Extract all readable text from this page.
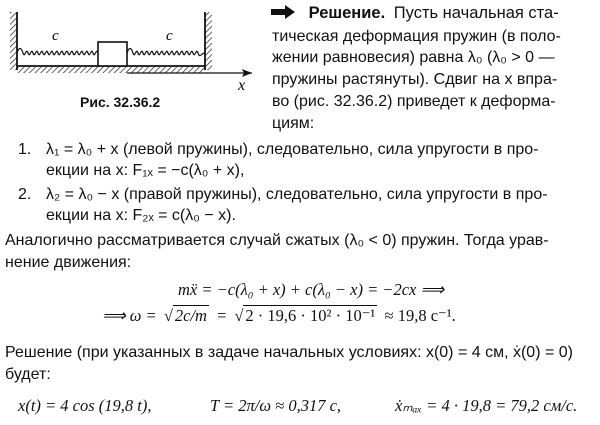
c	c
x
Рис. 32.36.2
Решение. Пусть начальная ста-
тическая деформация пружин (в поло-
жении равновесия) равна λ₀ (λ₀ > 0 —
пружины растянуты). Сдвиг на x впра-
во (рис. 32.36.2) приведет к деформа-
циям:
1. λ₁ = λ₀ + x (левой пружины), следовательно, сила упругости в про-
екции на x: F₁ₓ = −c(λ₀ + x),
2. λ₂ = λ₀ − x (правой пружины), следовательно, сила упругости в про-
екции на x: F₂ₓ = c(λ₀ − x).
Аналогично рассматривается случай сжатых (λ₀ < 0) пружин. Тогда урав-
нение движения:
mẍ = −c(λ₀ + x) + c(λ₀ − x) = −2cx ⟹
⟹ ω = √ 2c/m = √ 2 · 19,6 · 10² · 10⁻¹ ≈ 19,8 с⁻¹.
Решение (при указанных в задаче начальных условиях: x(0) = 4 см, ẋ(0) = 0)
будет:
x(t) = 4 cos (19,8 t),	T = 2π/ω ≈ 0,317 с,	ẋₘₐₓ = 4 · 19,8 = 79,2 см/с.
